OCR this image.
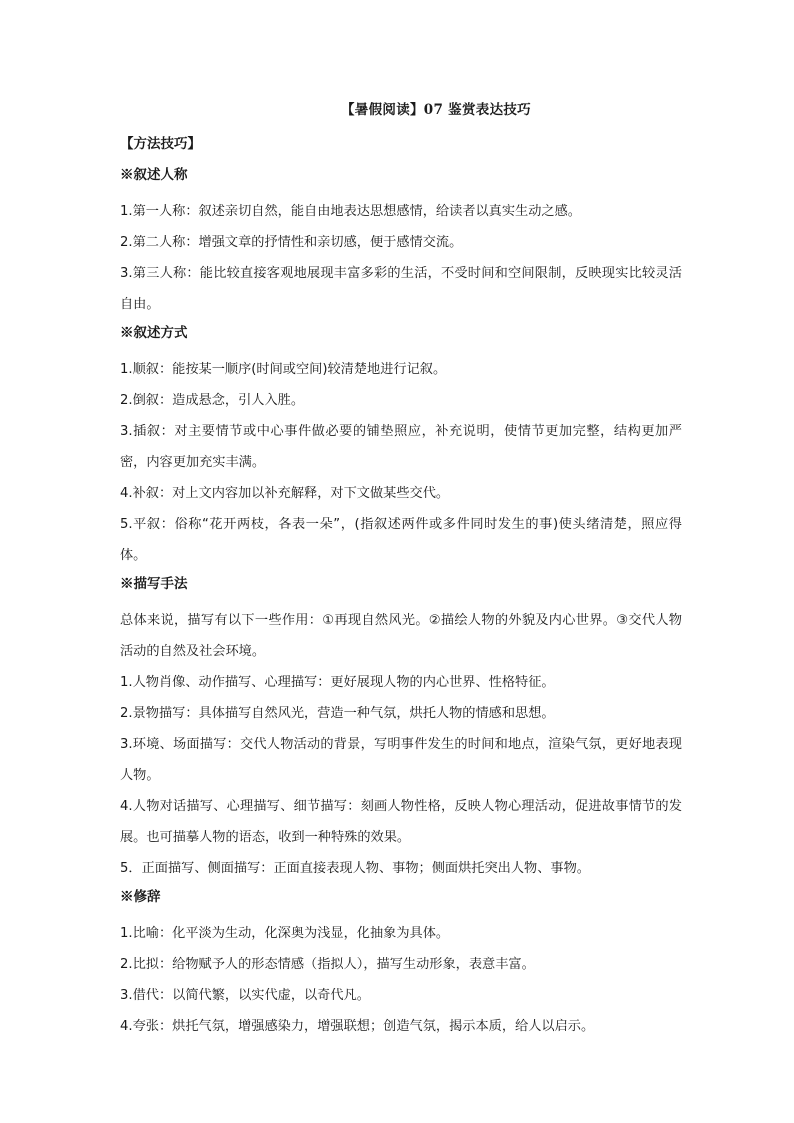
【暑假阅读】07 鉴赏表达技巧
【方法技巧】
※叙述人称

1.第一人称：叙述亲切自然，能自由地表达思想感情，给读者以真实生动之感。

2.第二人称：增强文章的抒情性和亲切感，便于感情交流。

3.第三人称：能比较直接客观地展现丰富多彩的生活，不受时间和空间限制，反映现实比较灵活自由。

※叙述方式

1.顺叙：能按某一顺序(时间或空间)较清楚地进行记叙。

2.倒叙：造成悬念，引人入胜。

3.插叙：对主要情节或中心事件做必要的铺垫照应，补充说明，使情节更加完整，结构更加严密，内容更加充实丰满。

4.补叙：对上文内容加以补充解释，对下文做某些交代。

5.平叙：俗称“花开两枝，各表一朵”，(指叙述两件或多件同时发生的事)使头绪清楚，照应得体。

※描写手法

总体来说，描写有以下一些作用：①再现自然风光。②描绘人物的外貌及内心世界。③交代人物活动的自然及社会环境。

1.人物肖像、动作描写、心理描写：更好展现人物的内心世界、性格特征。

2.景物描写：具体描写自然风光，营造一种气氛，烘托人物的情感和思想。

3.环境、场面描写：交代人物活动的背景，写明事件发生的时间和地点，渲染气氛，更好地表现人物。

4.人物对话描写、心理描写、细节描写：刻画人物性格，反映人物心理活动，促进故事情节的发展。也可描摹人物的语态，收到一种特殊的效果。

5．正面描写、侧面描写：正面直接表现人物、事物；侧面烘托突出人物、事物。

※修辞

1.比喻：化平淡为生动，化深奥为浅显，化抽象为具体。

2.比拟：给物赋予人的形态情感（指拟人），描写生动形象，表意丰富。

3.借代：以简代繁，以实代虚，以奇代凡。

4.夸张：烘托气氛，增强感染力，增强联想；创造气氛，揭示本质，给人以启示。
